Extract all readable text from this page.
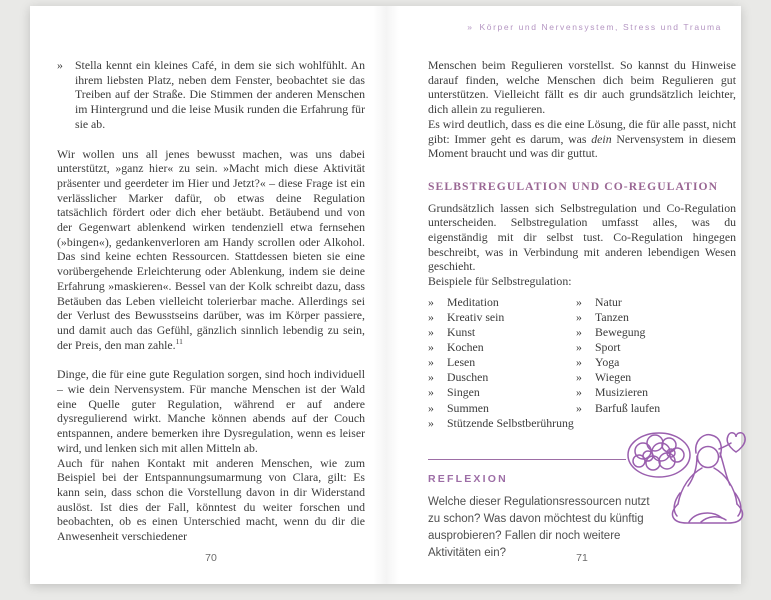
» Körper und Nervensystem, Stress und Trauma
» Stella kennt ein kleines Café, in dem sie sich wohlfühlt. An ihrem liebsten Platz, neben dem Fenster, beobachtet sie das Treiben auf der Straße. Die Stimmen der anderen Menschen im Hintergrund und die leise Musik runden die Erfahrung für sie ab.

Wir wollen uns all jenes bewusst machen, was uns dabei unterstützt, »ganz hier« zu sein. »Macht mich diese Aktivität präsenter und geerdeter im Hier und Jetzt?« – diese Frage ist ein verlässlicher Marker dafür, ob etwas deine Regulation tatsächlich fördert oder dich eher betäubt. Betäubend und von der Gegenwart ablenkend wirken tendenziell etwa fernsehen (»bingen«), gedankenverloren am Handy scrollen oder Alkohol. Das sind keine echten Ressourcen. Stattdessen bieten sie eine vorübergehende Erleichterung oder Ablenkung, indem sie deine Erfahrung »maskieren«. Bessel van der Kolk schreibt dazu, dass Betäuben das Leben vielleicht tolerierbar mache. Allerdings sei der Verlust des Bewusstseins darüber, was im Körper passiere, und damit auch das Gefühl, gänzlich sinnlich lebendig zu sein, der Preis, den man zahle.$^{11}$

Dinge, die für eine gute Regulation sorgen, sind hoch individuell – wie dein Nervensystem. Für manche Menschen ist der Wald eine Quelle guter Regulation, während er auf andere dysregulierend wirkt. Manche können abends auf der Couch entspannen, andere bemerken ihre Dysregulation, wenn es leiser wird, und lenken sich mit allen Mitteln ab.

Auch für nahen Kontakt mit anderen Menschen, wie zum Beispiel bei der Entspannungsumarmung von Clara, gilt: Es kann sein, dass schon die Vorstellung davon in dir Widerstand auslöst. Ist dies der Fall, könntest du weiter forschen und beobachten, ob es einen Unterschied macht, wenn du dir die Anwesenheit verschiedener

Menschen beim Regulieren vorstellst. So kannst du Hinweise darauf finden, welche Menschen dich beim Regulieren gut unterstützen. Vielleicht fällt es dir auch grundsätzlich leichter, dich allein zu regulieren.

Es wird deutlich, dass es die eine Lösung, die für alle passt, nicht gibt: Immer geht es darum, was dein Nervensystem in diesem Moment braucht und was dir guttut.

SELBSTREGULATION UND CO-REGULATION

Grundsätzlich lassen sich Selbstregulation und Co-Regulation unterscheiden. Selbstregulation umfasst alles, was du eigenständig mit dir selbst tust. Co-Regulation hingegen beschreibt, was in Verbindung mit anderen lebendigen Wesen geschieht.

Beispiele für Selbstregulation:

» Meditation
» Kreativ sein
» Kunst
» Kochen
» Lesen
» Duschen
» Singen
» Summen
» Stützende Selbstberührung
» Natur
» Tanzen
» Bewegung
» Sport
» Yoga
» Wiegen
» Musizieren
» Barfuß laufen
REFLEXION
Welche dieser Regulationsressourcen nutzt zu schon? Was davon möchtest du künftig ausprobieren? Fallen dir noch weitere Aktivitäten ein?
70	71
